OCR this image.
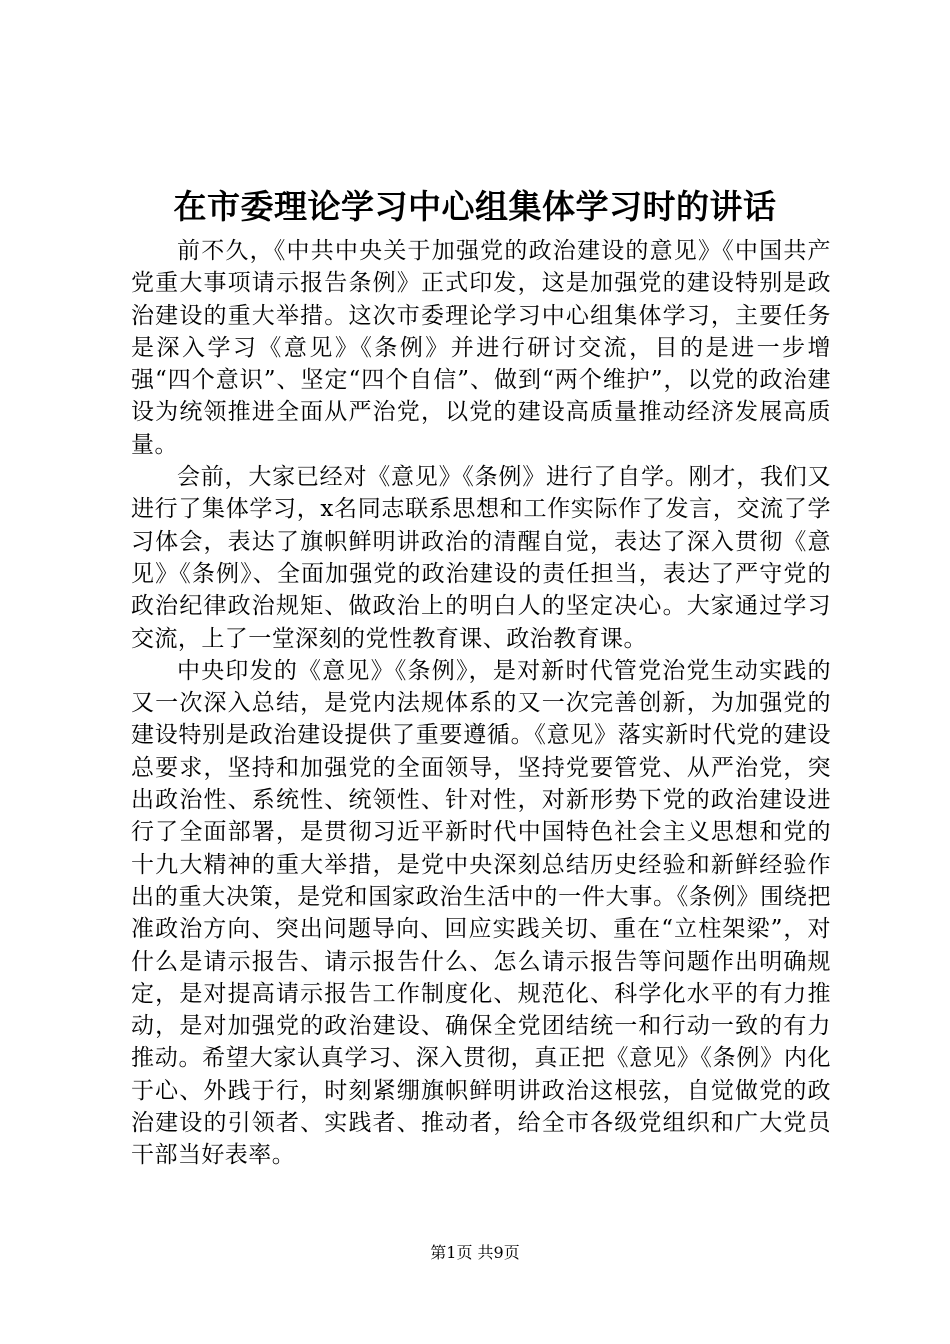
在市委理论学习中心组集体学习时的讲话

前不久，《中共中央关于加强党的政治建设的意见》《中国共产党重大事项请示报告条例》正式印发，这是加强党的建设特别是政治建设的重大举措。这次市委理论学习中心组集体学习，主要任务是深入学习《意见》《条例》并进行研讨交流，目的是进一步增强“四个意识”、坚定“四个自信”、做到“两个维护”，以党的政治建设为统领推进全面从严治党，以党的建设高质量推动经济发展高质量。

会前，大家已经对《意见》《条例》进行了自学。刚才，我们又进行了集体学习，x名同志联系思想和工作实际作了发言，交流了学习体会，表达了旗帜鲜明讲政治的清醒自觉，表达了深入贯彻《意见》《条例》、全面加强党的政治建设的责任担当，表达了严守党的政治纪律政治规矩、做政治上的明白人的坚定决心。大家通过学习交流，上了一堂深刻的党性教育课、政治教育课。

中央印发的《意见》《条例》，是对新时代管党治党生动实践的又一次深入总结，是党内法规体系的又一次完善创新，为加强党的建设特别是政治建设提供了重要遵循。《意见》落实新时代党的建设总要求，坚持和加强党的全面领导，坚持党要管党、从严治党，突出政治性、系统性、统领性、针对性，对新形势下党的政治建设进行了全面部署，是贯彻习近平新时代中国特色社会主义思想和党的十九大精神的重大举措，是党中央深刻总结历史经验和新鲜经验作出的重大决策，是党和国家政治生活中的一件大事。《条例》围绕把准政治方向、突出问题导向、回应实践关切、重在“立柱架梁”，对什么是请示报告、请示报告什么、怎么请示报告等问题作出明确规定，是对提高请示报告工作制度化、规范化、科学化水平的有力推动，是对加强党的政治建设、确保全党团结统一和行动一致的有力推动。希望大家认真学习、深入贯彻，真正把《意见》《条例》内化于心、外践于行，时刻紧绷旗帜鲜明讲政治这根弦，自觉做党的政治建设的引领者、实践者、推动者，给全市各级党组织和广大党员干部当好表率。

第1页 共9页
